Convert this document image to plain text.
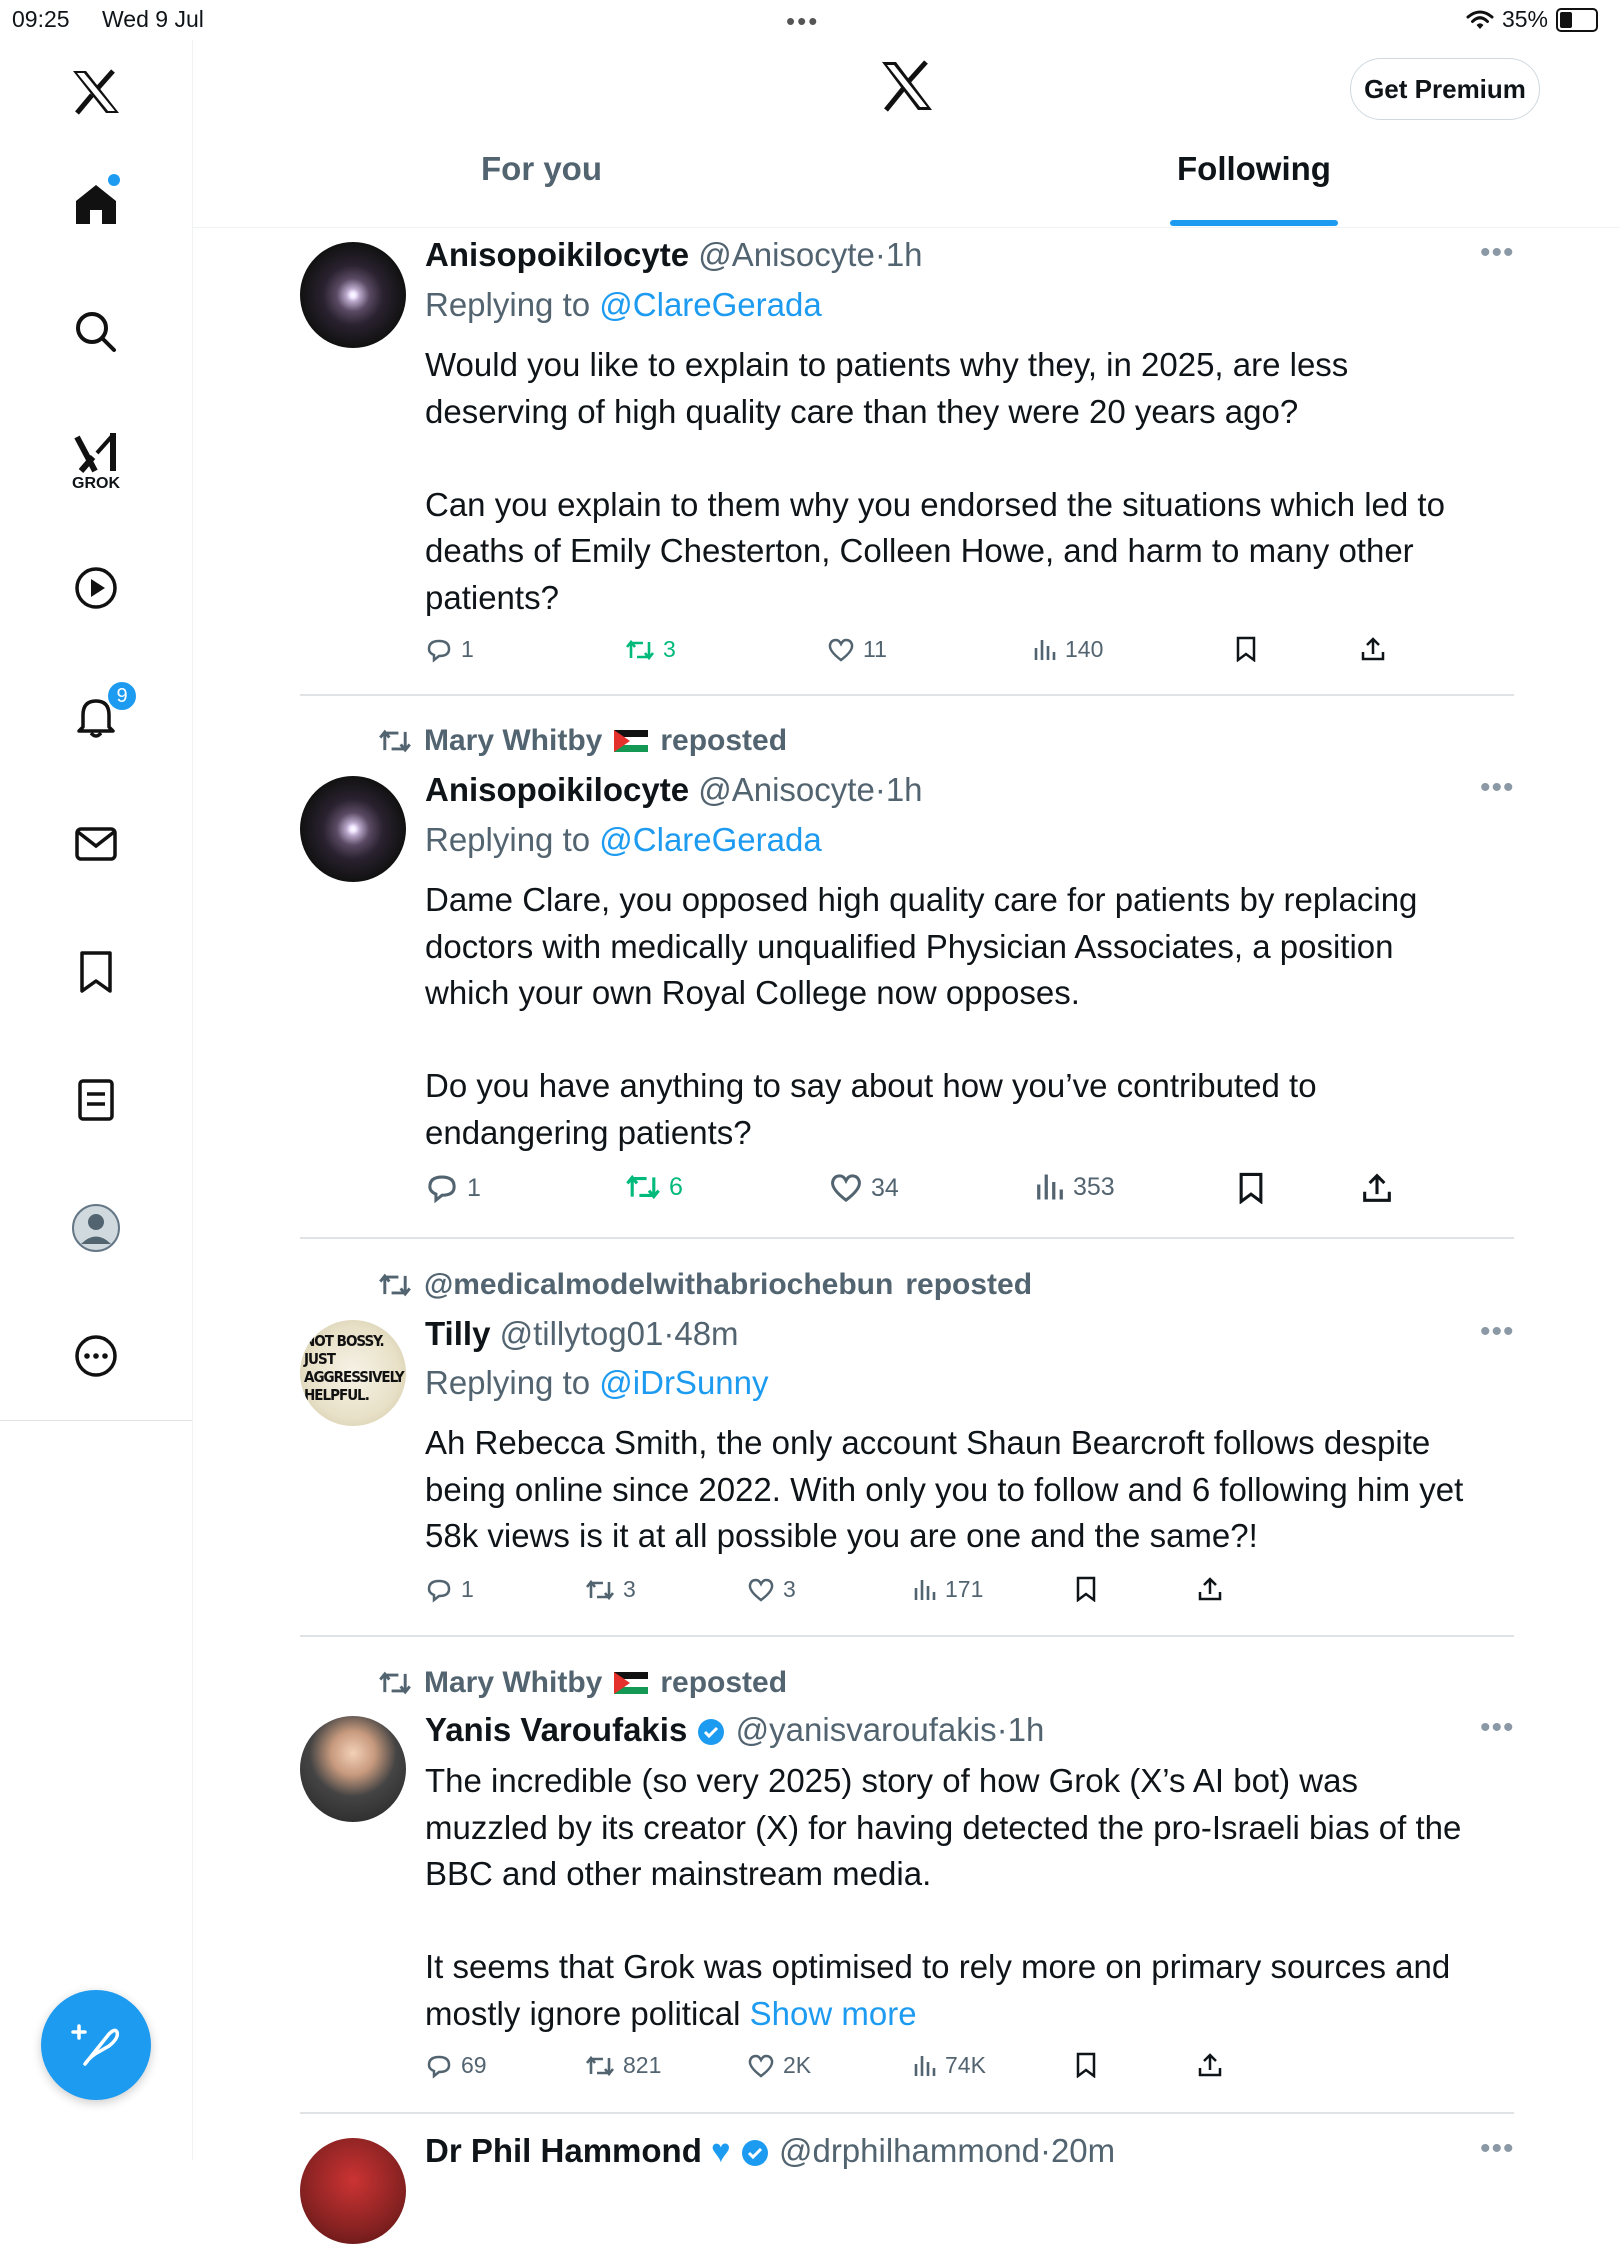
09:25 Wed 9 Jul	•••	35%
GROK
9
Get Premium
For you	Following
Anisopoikilocyte @Anisocyte·1h	•••
Replying to @ClareGerada

Would you like to explain to patients why they, in 2025, are less

deserving of high quality care than they were 20 years ago?

Can you explain to them why you endorsed the situations which led to

deaths of Emily Chesterton, Colleen Howe, and harm to many other

patients?

1	3	11	140
Mary Whitby reposted
Anisopoikilocyte @Anisocyte·1h	•••
Replying to @ClareGerada

Dame Clare, you opposed high quality care for patients by replacing

doctors with medically unqualified Physician Associates, a position

which your own Royal College now opposes.

Do you have anything to say about how you’ve contributed to

endangering patients?

1	6	34	353
@medicalmodelwithabriochebun reposted
NOT BOSSY.
JUST
AGGRESSIVELY
HELPFUL.
Tilly @tillytog01·48m	•••
Replying to @iDrSunny

Ah Rebecca Smith, the only account Shaun Bearcroft follows despite

being online since 2022. With only you to follow and 6 following him yet

58k views is it at all possible you are one and the same?!

1	3	3	171
Mary Whitby reposted
Yanis Varoufakis @yanisvaroufakis·1h	•••

The incredible (so very 2025) story of how Grok (X’s AI bot) was

muzzled by its creator (X) for having detected the pro-Israeli bias of the

BBC and other mainstream media.

It seems that Grok was optimised to rely more on primary sources and

mostly ignore political Show more

69	821	2K	74K
Dr Phil Hammond ♥ @drphilhammond·20m	•••
